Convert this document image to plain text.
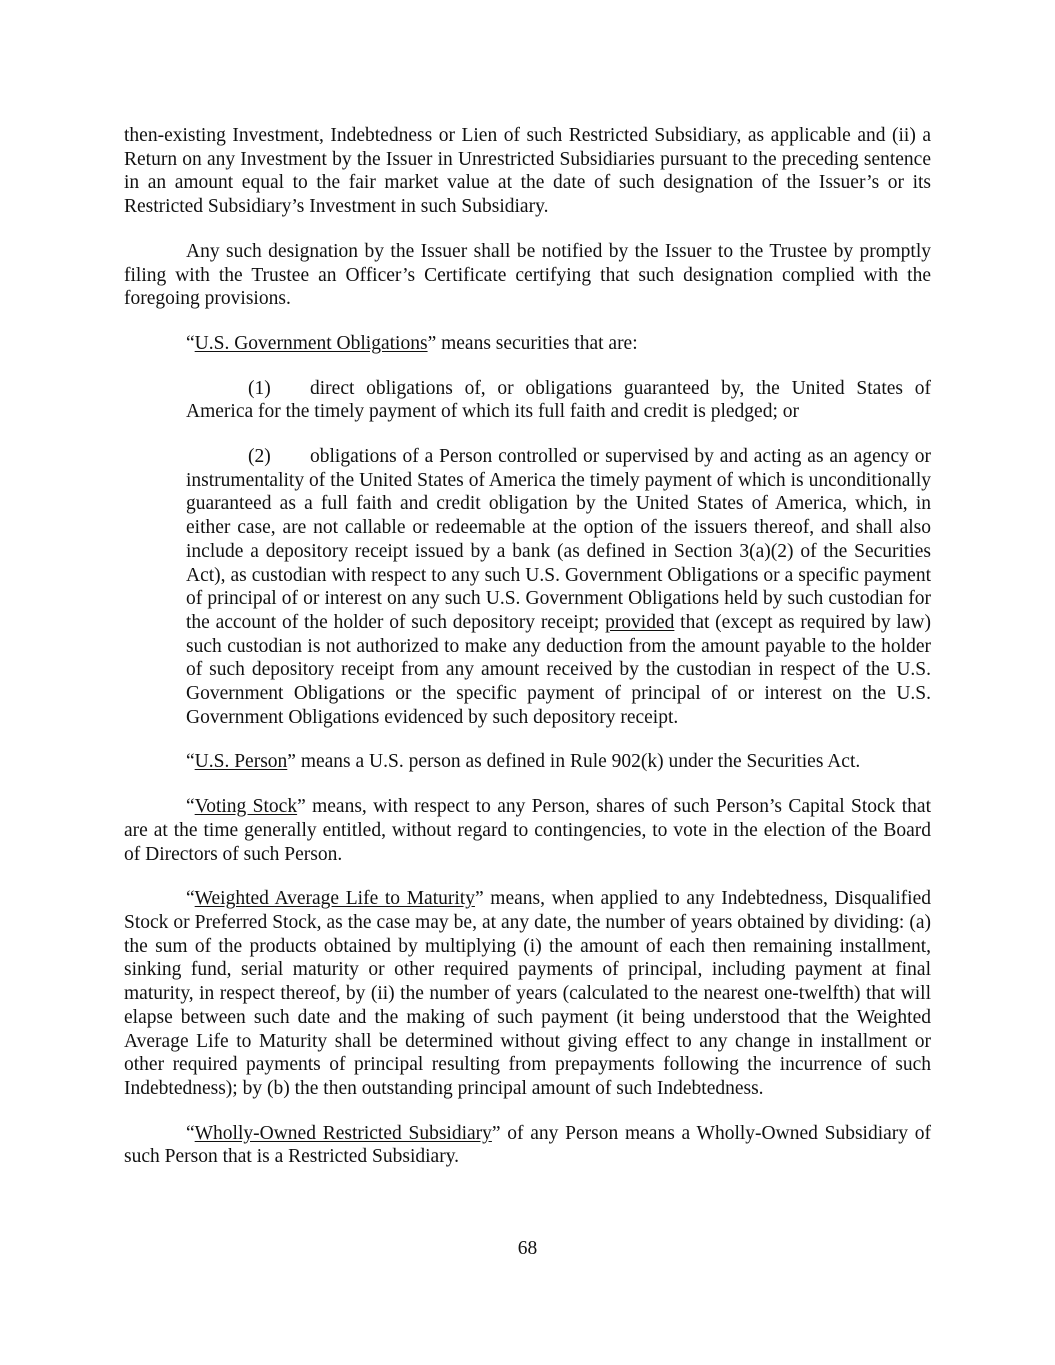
then-existing Investment, Indebtedness or Lien of such Restricted Subsidiary, as applicable and (ii) a Return on any Investment by the Issuer in Unrestricted Subsidiaries pursuant to the preceding sentence in an amount equal to the fair market value at the date of such designation of the Issuer’s or its Restricted Subsidiary’s Investment in such Subsidiary.

Any such designation by the Issuer shall be notified by the Issuer to the Trustee by promptly filing with the Trustee an Officer’s Certificate certifying that such designation complied with the foregoing provisions.

“U.S. Government Obligations” means securities that are:

(1) direct obligations of, or obligations guaranteed by, the United States of America for the timely payment of which its full faith and credit is pledged; or

(2) obligations of a Person controlled or supervised by and acting as an agency or instrumentality of the United States of America the timely payment of which is unconditionally guaranteed as a full faith and credit obligation by the United States of America, which, in either case, are not callable or redeemable at the option of the issuers thereof, and shall also include a depository receipt issued by a bank (as defined in Section 3(a)(2) of the Securities Act), as custodian with respect to any such U.S. Government Obligations or a specific payment of principal of or interest on any such U.S. Government Obligations held by such custodian for the account of the holder of such depository receipt; provided that (except as required by law) such custodian is not authorized to make any deduction from the amount payable to the holder of such depository receipt from any amount received by the custodian in respect of the U.S. Government Obligations or the specific payment of principal of or interest on the U.S. Government Obligations evidenced by such depository receipt.

“U.S. Person” means a U.S. person as defined in Rule 902(k) under the Securities Act.

“Voting Stock” means, with respect to any Person, shares of such Person’s Capital Stock that are at the time generally entitled, without regard to contingencies, to vote in the election of the Board of Directors of such Person.

“Weighted Average Life to Maturity” means, when applied to any Indebtedness, Disqualified Stock or Preferred Stock, as the case may be, at any date, the number of years obtained by dividing: (a) the sum of the products obtained by multiplying (i) the amount of each then remaining installment, sinking fund, serial maturity or other required payments of principal, including payment at final maturity, in respect thereof, by (ii) the number of years (calculated to the nearest one-twelfth) that will elapse between such date and the making of such payment (it being understood that the Weighted Average Life to Maturity shall be determined without giving effect to any change in installment or other required payments of principal resulting from prepayments following the incurrence of such Indebtedness); by (b) the then outstanding principal amount of such Indebtedness.

“Wholly-Owned Restricted Subsidiary” of any Person means a Wholly-Owned Subsidiary of such Person that is a Restricted Subsidiary.

68
